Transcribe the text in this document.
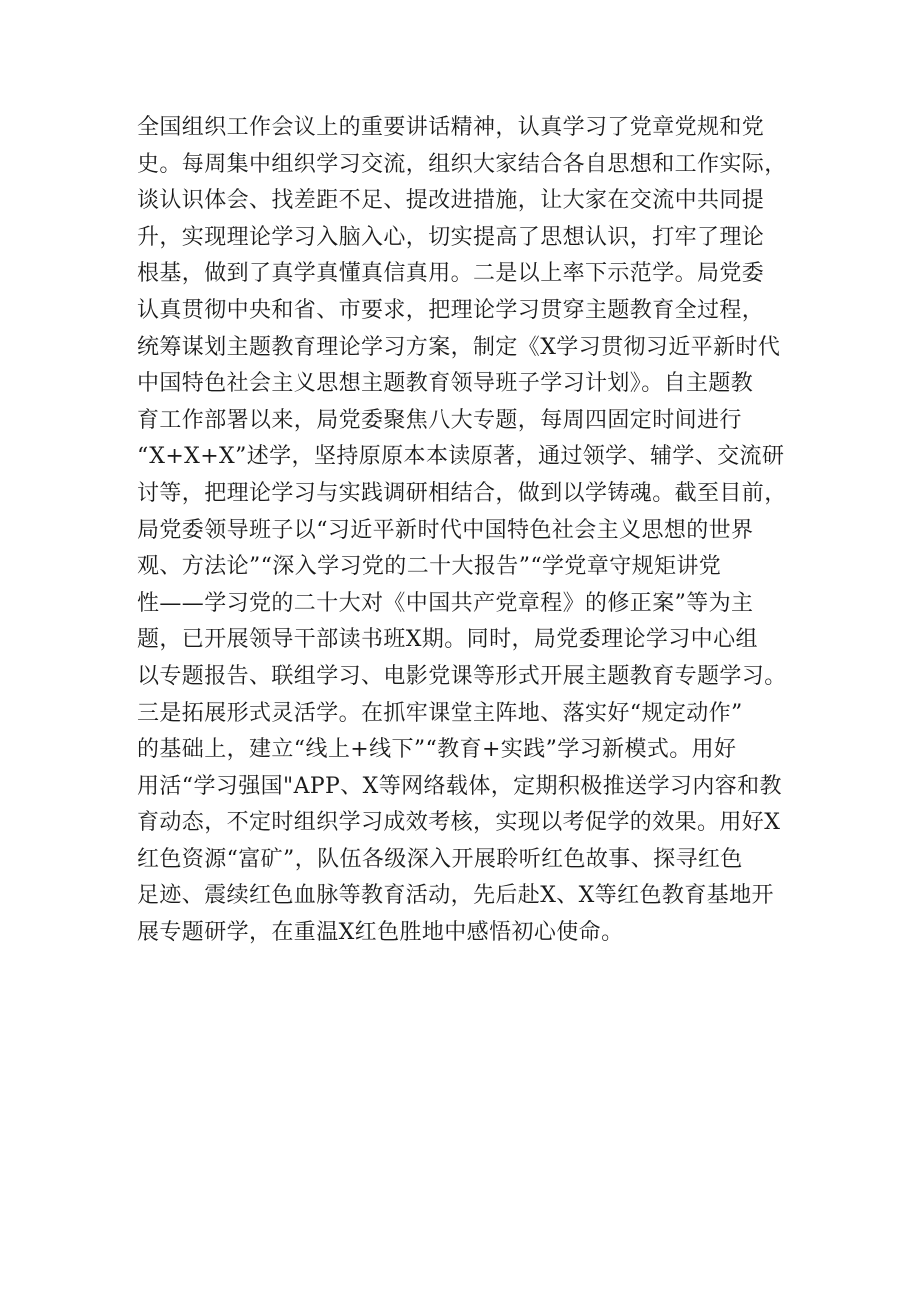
全国组织工作会议上的重要讲话精神，认真学习了党章党规和党
史。每周集中组织学习交流，组织大家结合各自思想和工作实际，
谈认识体会、找差距不足、提改进措施，让大家在交流中共同提
升，实现理论学习入脑入心，切实提高了思想认识，打牢了理论
根基，做到了真学真懂真信真用。二是以上率下示范学。局党委
认真贯彻中央和省、市要求，把理论学习贯穿主题教育全过程，
统筹谋划主题教育理论学习方案，制定《X学习贯彻习近平新时代
中国特色社会主义思想主题教育领导班子学习计划》。自主题教
育工作部署以来，局党委聚焦八大专题，每周四固定时间进行
“X+X+X”述学，坚持原原本本读原著，通过领学、辅学、交流研
讨等，把理论学习与实践调研相结合，做到以学铸魂。截至目前，
局党委领导班子以“习近平新时代中国特色社会主义思想的世界
观、方法论”“深入学习党的二十大报告”“学党章守规矩讲党
性——学习党的二十大对《中国共产党章程》的修正案”等为主
题，已开展领导干部读书班X期。同时，局党委理论学习中心组
以专题报告、联组学习、电影党课等形式开展主题教育专题学习。
三是拓展形式灵活学。在抓牢课堂主阵地、落实好“规定动作”
的基础上，建立“线上+线下”“教育+实践”学习新模式。用好
用活“学习强国"APP、X等网络载体，定期积极推送学习内容和教
育动态，不定时组织学习成效考核，实现以考促学的效果。用好X
红色资源“富矿”，队伍各级深入开展聆听红色故事、探寻红色
足迹、震续红色血脉等教育活动，先后赴X、X等红色教育基地开
展专题研学，在重温X红色胜地中感悟初心使命。
